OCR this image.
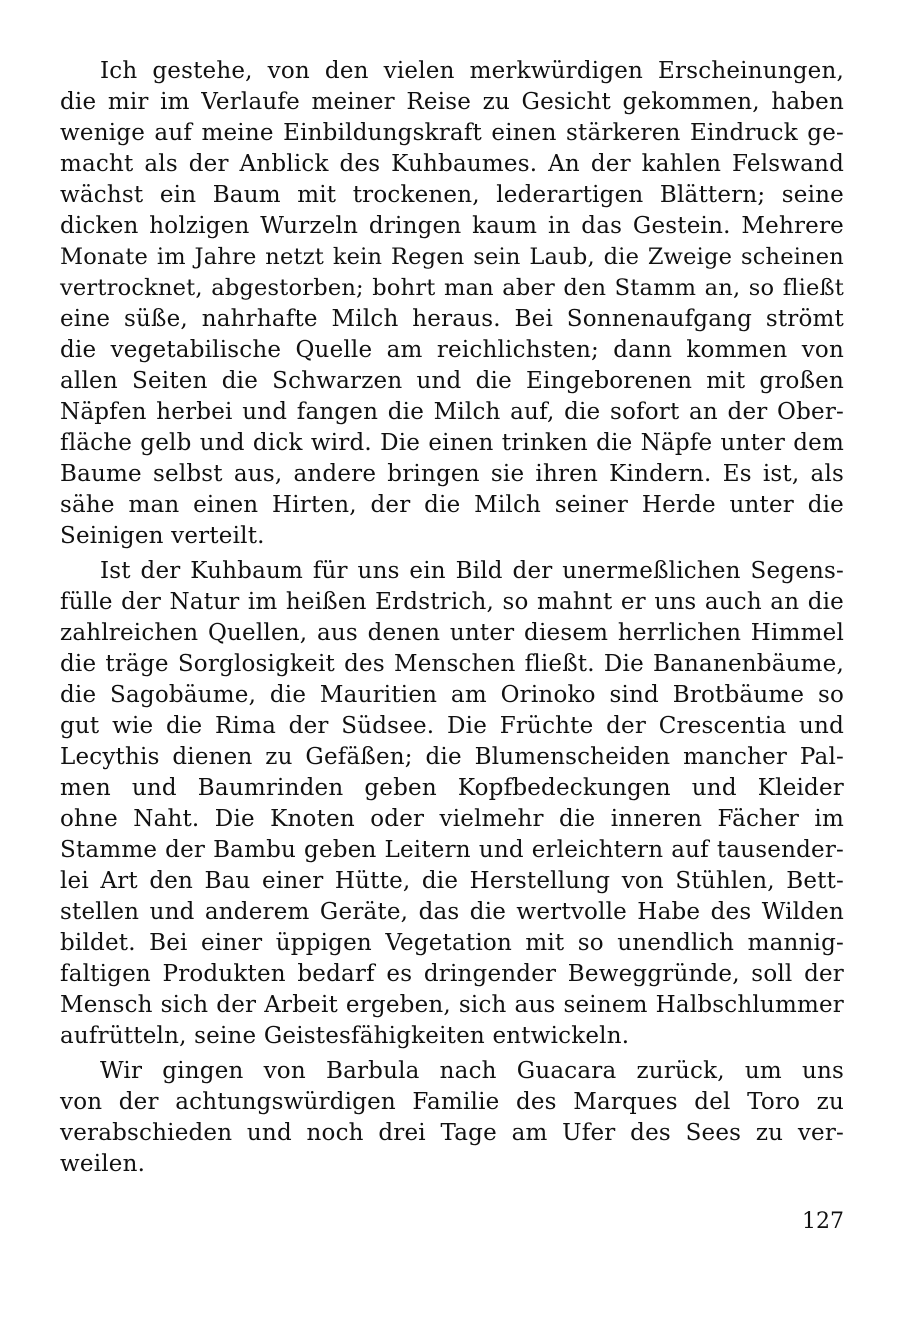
Ich gestehe, von den vielen merkwürdigen Erscheinungen,
die mir im Verlaufe meiner Reise zu Gesicht gekommen, haben
wenige auf meine Einbildungskraft einen stärkeren Eindruck ge-
macht als der Anblick des Kuhbaumes. An der kahlen Felswand
wächst ein Baum mit trockenen, lederartigen Blättern; seine
dicken holzigen Wurzeln dringen kaum in das Gestein. Mehrere
Monate im Jahre netzt kein Regen sein Laub, die Zweige scheinen
vertrocknet, abgestorben; bohrt man aber den Stamm an, so fließt
eine süße, nahrhafte Milch heraus. Bei Sonnenaufgang strömt
die vegetabilische Quelle am reichlichsten; dann kommen von
allen Seiten die Schwarzen und die Eingeborenen mit großen
Näpfen herbei und fangen die Milch auf, die sofort an der Ober-
fläche gelb und dick wird. Die einen trinken die Näpfe unter dem
Baume selbst aus, andere bringen sie ihren Kindern. Es ist, als
sähe man einen Hirten, der die Milch seiner Herde unter die
Seinigen verteilt.
Ist der Kuhbaum für uns ein Bild der unermeßlichen Segens-
fülle der Natur im heißen Erdstrich, so mahnt er uns auch an die
zahlreichen Quellen, aus denen unter diesem herrlichen Himmel
die träge Sorglosigkeit des Menschen fließt. Die Bananenbäume,
die Sagobäume, die Mauritien am Orinoko sind Brotbäume so
gut wie die Rima der Südsee. Die Früchte der Crescentia und
Lecythis dienen zu Gefäßen; die Blumenscheiden mancher Pal-
men und Baumrinden geben Kopfbedeckungen und Kleider
ohne Naht. Die Knoten oder vielmehr die inneren Fächer im
Stamme der Bambu geben Leitern und erleichtern auf tausender-
lei Art den Bau einer Hütte, die Herstellung von Stühlen, Bett-
stellen und anderem Geräte, das die wertvolle Habe des Wilden
bildet. Bei einer üppigen Vegetation mit so unendlich mannig-
faltigen Produkten bedarf es dringender Beweggründe, soll der
Mensch sich der Arbeit ergeben, sich aus seinem Halbschlummer
aufrütteln, seine Geistesfähigkeiten entwickeln.
Wir gingen von Barbula nach Guacara zurück, um uns
von der achtungswürdigen Familie des Marques del Toro zu
verabschieden und noch drei Tage am Ufer des Sees zu ver-
weilen.
127
